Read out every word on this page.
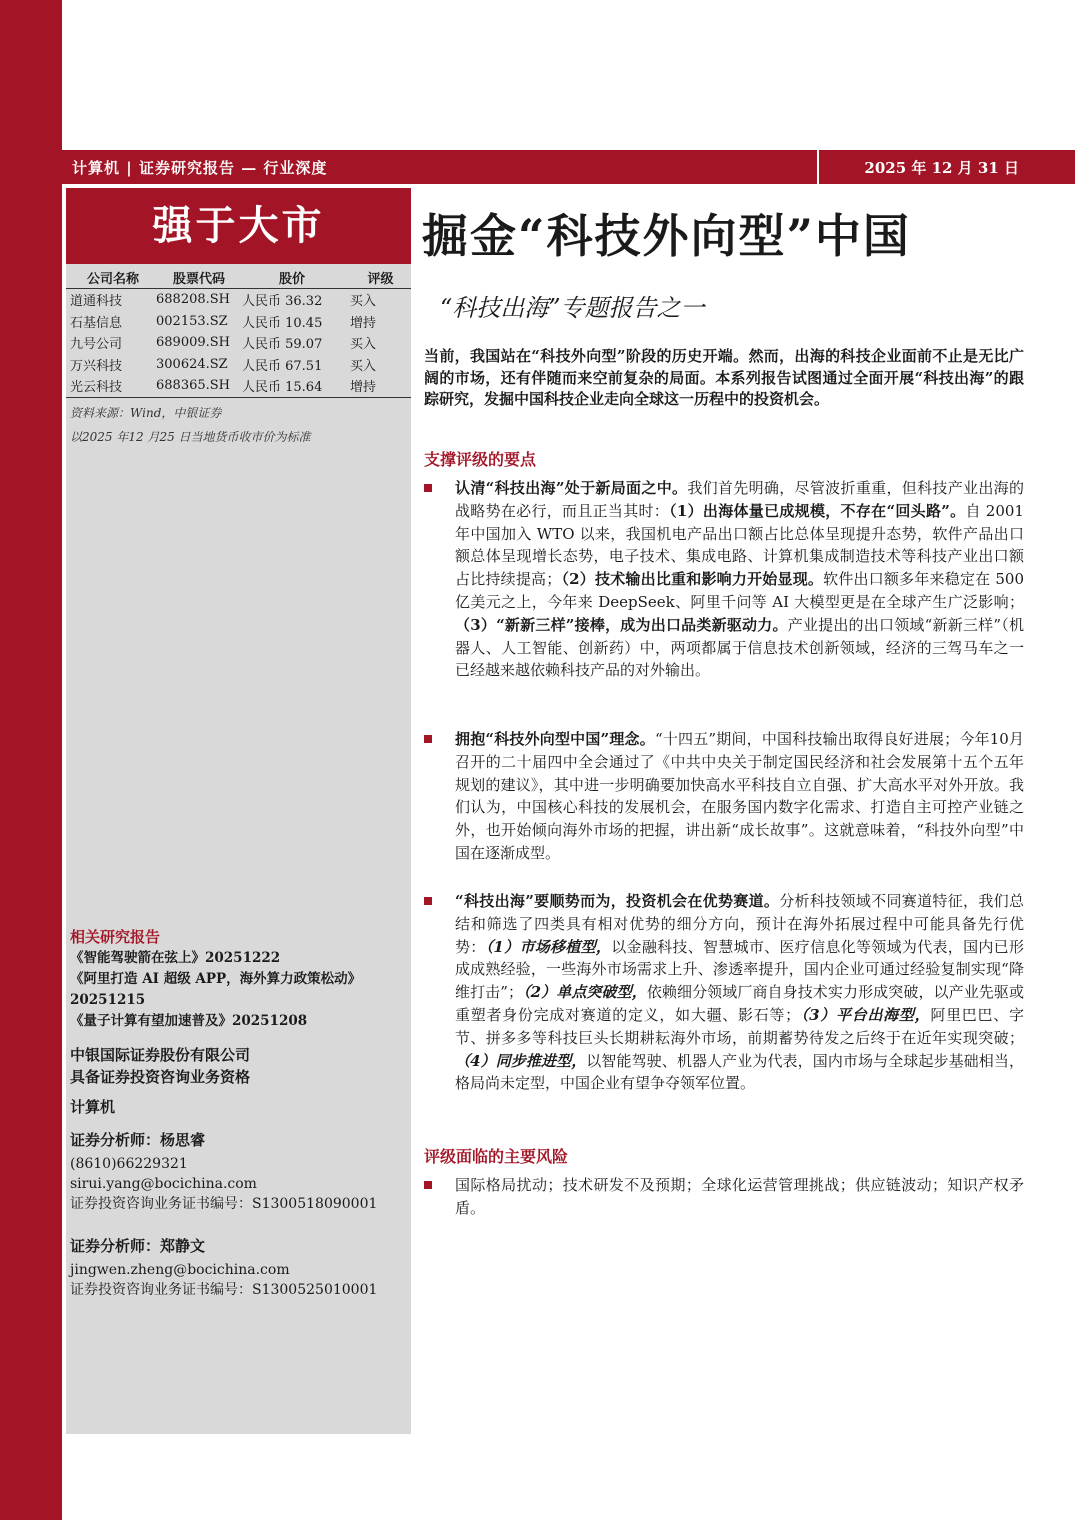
计算机 | 证券研究报告 — 行业深度	2025 年 12 月 31 日
强于大市
公司名称	股票代码	股价	评级
道通科技	688208.SH	人民币 36.32	买入
石基信息	002153.SZ	人民币 10.45	增持
九号公司	689009.SH	人民币 59.07	买入
万兴科技	300624.SZ	人民币 67.51	买入
光云科技	688365.SH	人民币 15.64	增持
资料来源：Wind，中银证券
以2025 年12 月25 日当地货币收市价为标准
相关研究报告
《智能驾驶箭在弦上》20251222
《阿里打造 AI 超级 APP，海外算力政策松动》
20251215
《量子计算有望加速普及》20251208
中银国际证券股份有限公司
具备证券投资咨询业务资格
计算机
证券分析师：杨思睿
(8610)66229321
sirui.yang@bocichina.com
证券投资咨询业务证书编号：S1300518090001
证券分析师：郑静文
jingwen.zheng@bocichina.com
证券投资咨询业务证书编号：S1300525010001
掘金“科技外向型”中国
“科技出海”专题报告之一
当前，我国站在“科技外向型”阶段的历史开端。然而，出海的科技企业面前不止是无比广阔的市场，还有伴随而来空前复杂的局面。本系列报告试图通过全面开展“科技出海”的跟踪研究，发掘中国科技企业走向全球这一历程中的投资机会。
支撑评级的要点
认清“科技出海”处于新局面之中。我们首先明确，尽管波折重重，但科技产业出海的战略势在必行，而且正当其时：（1）出海体量已成规模，不存在“回头路”。自 2001 年中国加入 WTO 以来，我国机电产品出口额占比总体呈现提升态势，软件产品出口额总体呈现增长态势，电子技术、集成电路、计算机集成制造技术等科技产业出口额占比持续提高；（2）技术输出比重和影响力开始显现。软件出口额多年来稳定在 500 亿美元之上，今年来 DeepSeek、阿里千问等 AI 大模型更是在全球产生广泛影响；（3）“新新三样”接棒，成为出口品类新驱动力。产业提出的出口领域“新新三样”（机器人、人工智能、创新药）中，两项都属于信息技术创新领域，经济的三驾马车之一已经越来越依赖科技产品的对外输出。
拥抱“科技外向型中国”理念。“十四五”期间，中国科技输出取得良好进展；今年10月召开的二十届四中全会通过了《中共中央关于制定国民经济和社会发展第十五个五年规划的建议》，其中进一步明确要加快高水平科技自立自强、扩大高水平对外开放。我们认为，中国核心科技的发展机会，在服务国内数字化需求、打造自主可控产业链之外，也开始倾向海外市场的把握，讲出新“成长故事”。这就意味着，“科技外向型”中国在逐渐成型。
“科技出海”要顺势而为，投资机会在优势赛道。分析科技领域不同赛道特征，我们总结和筛选了四类具有相对优势的细分方向，预计在海外拓展过程中可能具备先行优势：（1）市场移植型，以金融科技、智慧城市、医疗信息化等领域为代表，国内已形成成熟经验，一些海外市场需求上升、渗透率提升，国内企业可通过经验复制实现“降维打击”；（2）单点突破型，依赖细分领域厂商自身技术实力形成突破，以产业先驱或重塑者身份完成对赛道的定义，如大疆、影石等；（3）平台出海型，阿里巴巴、字节、拼多多等科技巨头长期耕耘海外市场，前期蓄势待发之后终于在近年实现突破；（4）同步推进型，以智能驾驶、机器人产业为代表，国内市场与全球起步基础相当，格局尚未定型，中国企业有望争夺领军位置。
评级面临的主要风险
国际格局扰动；技术研发不及预期；全球化运营管理挑战；供应链波动；知识产权矛盾。
